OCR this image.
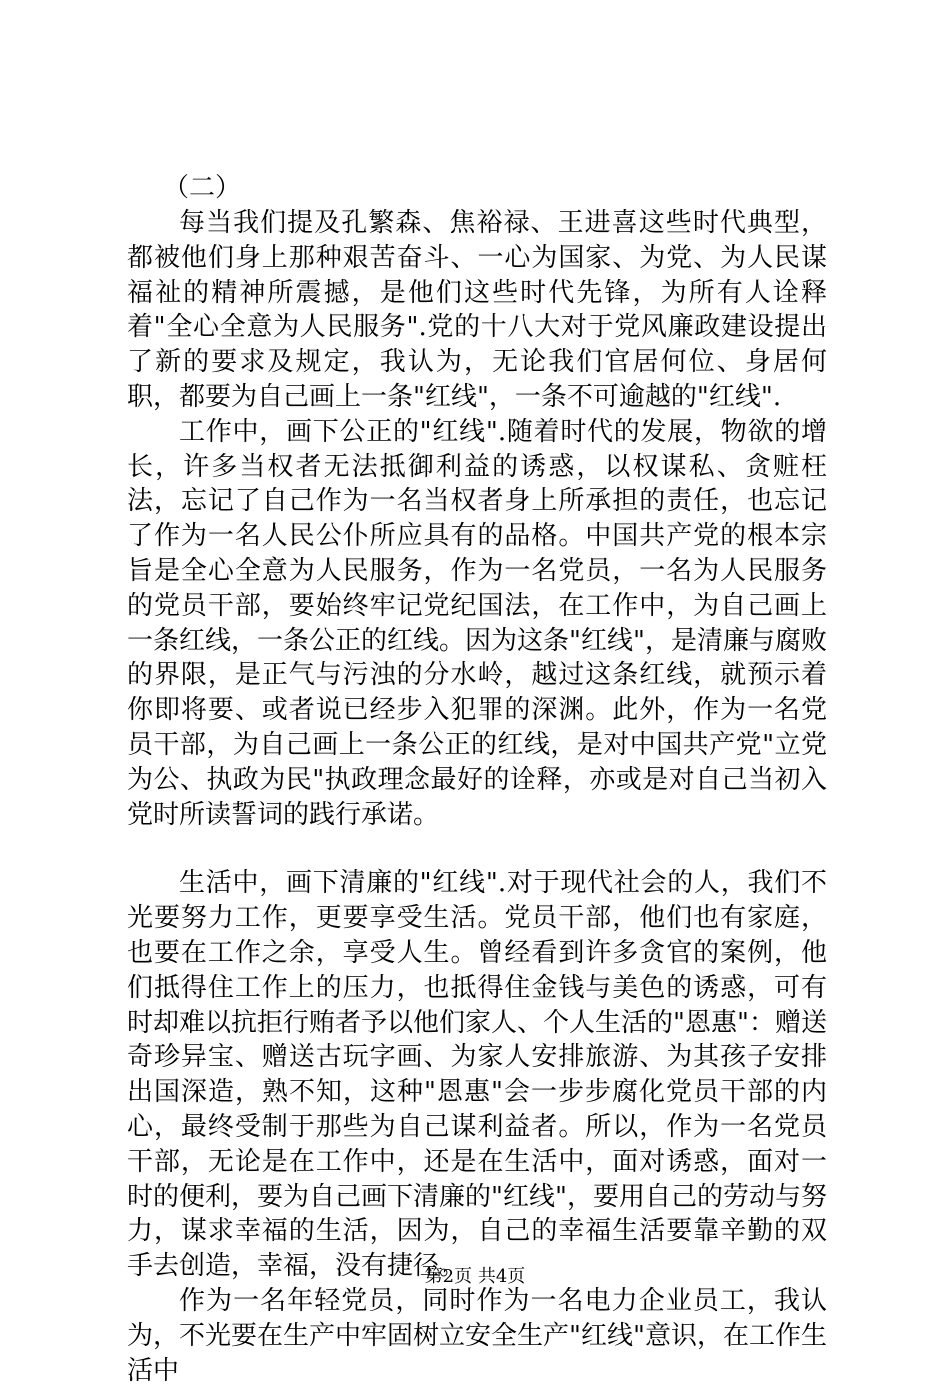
（二）

每当我们提及孔繁森、焦裕禄、王进喜这些时代典型，都被他们身上那种艰苦奋斗、一心为国家、为党、为人民谋福祉的精神所震撼，是他们这些时代先锋，为所有人诠释着"全心全意为人民服务".党的十八大对于党风廉政建设提出了新的要求及规定，我认为，无论我们官居何位、身居何职，都要为自己画上一条"红线"，一条不可逾越的"红线".

工作中，画下公正的"红线".随着时代的发展，物欲的增长，许多当权者无法抵御利益的诱惑，以权谋私、贪赃枉法，忘记了自己作为一名当权者身上所承担的责任，也忘记了作为一名人民公仆所应具有的品格。中国共产党的根本宗旨是全心全意为人民服务，作为一名党员，一名为人民服务的党员干部，要始终牢记党纪国法，在工作中，为自己画上一条红线，一条公正的红线。因为这条"红线"，是清廉与腐败的界限，是正气与污浊的分水岭，越过这条红线，就预示着你即将要、或者说已经步入犯罪的深渊。此外，作为一名党员干部，为自己画上一条公正的红线，是对中国共产党"立党为公、执政为民"执政理念最好的诠释，亦或是对自己当初入党时所读誓词的践行承诺。

生活中，画下清廉的"红线".对于现代社会的人，我们不光要努力工作，更要享受生活。党员干部，他们也有家庭，也要在工作之余，享受人生。曾经看到许多贪官的案例，他们抵得住工作上的压力，也抵得住金钱与美色的诱惑，可有时却难以抗拒行贿者予以他们家人、个人生活的"恩惠"：赠送奇珍异宝、赠送古玩字画、为家人安排旅游、为其孩子安排出国深造，熟不知，这种"恩惠"会一步步腐化党员干部的内心，最终受制于那些为自己谋利益者。所以，作为一名党员干部，无论是在工作中，还是在生活中，面对诱惑，面对一时的便利，要为自己画下清廉的"红线"，要用自己的劳动与努力，谋求幸福的生活，因为，自己的幸福生活要靠辛勤的双手去创造，幸福，没有捷径。

作为一名年轻党员，同时作为一名电力企业员工，我认为，不光要在生产中牢固树立安全生产"红线"意识，在工作生活中

第2页 共4页
